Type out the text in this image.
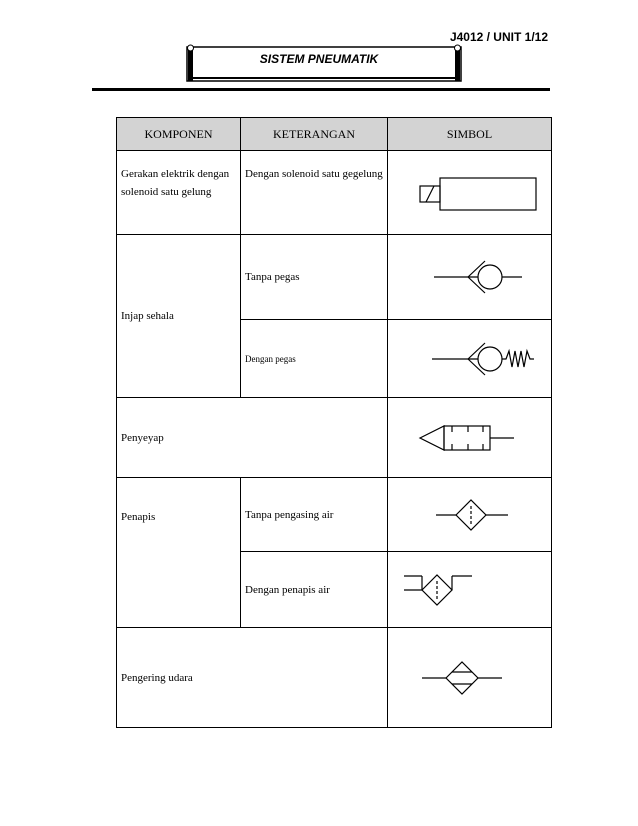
J4012 / UNIT 1/12
SISTEM PNEUMATIK
KOMPONEN	KETERANGAN	SIMBOL

Gerakan elektrik dengan solenoid satu gelung	Dengan solenoid satu gegelung

Injap sehala	Tanpa pegas

	Dengan pegas

Penyeyap

Penapis	Tanpa pengasing air

	Dengan penapis air

Pengering udara
